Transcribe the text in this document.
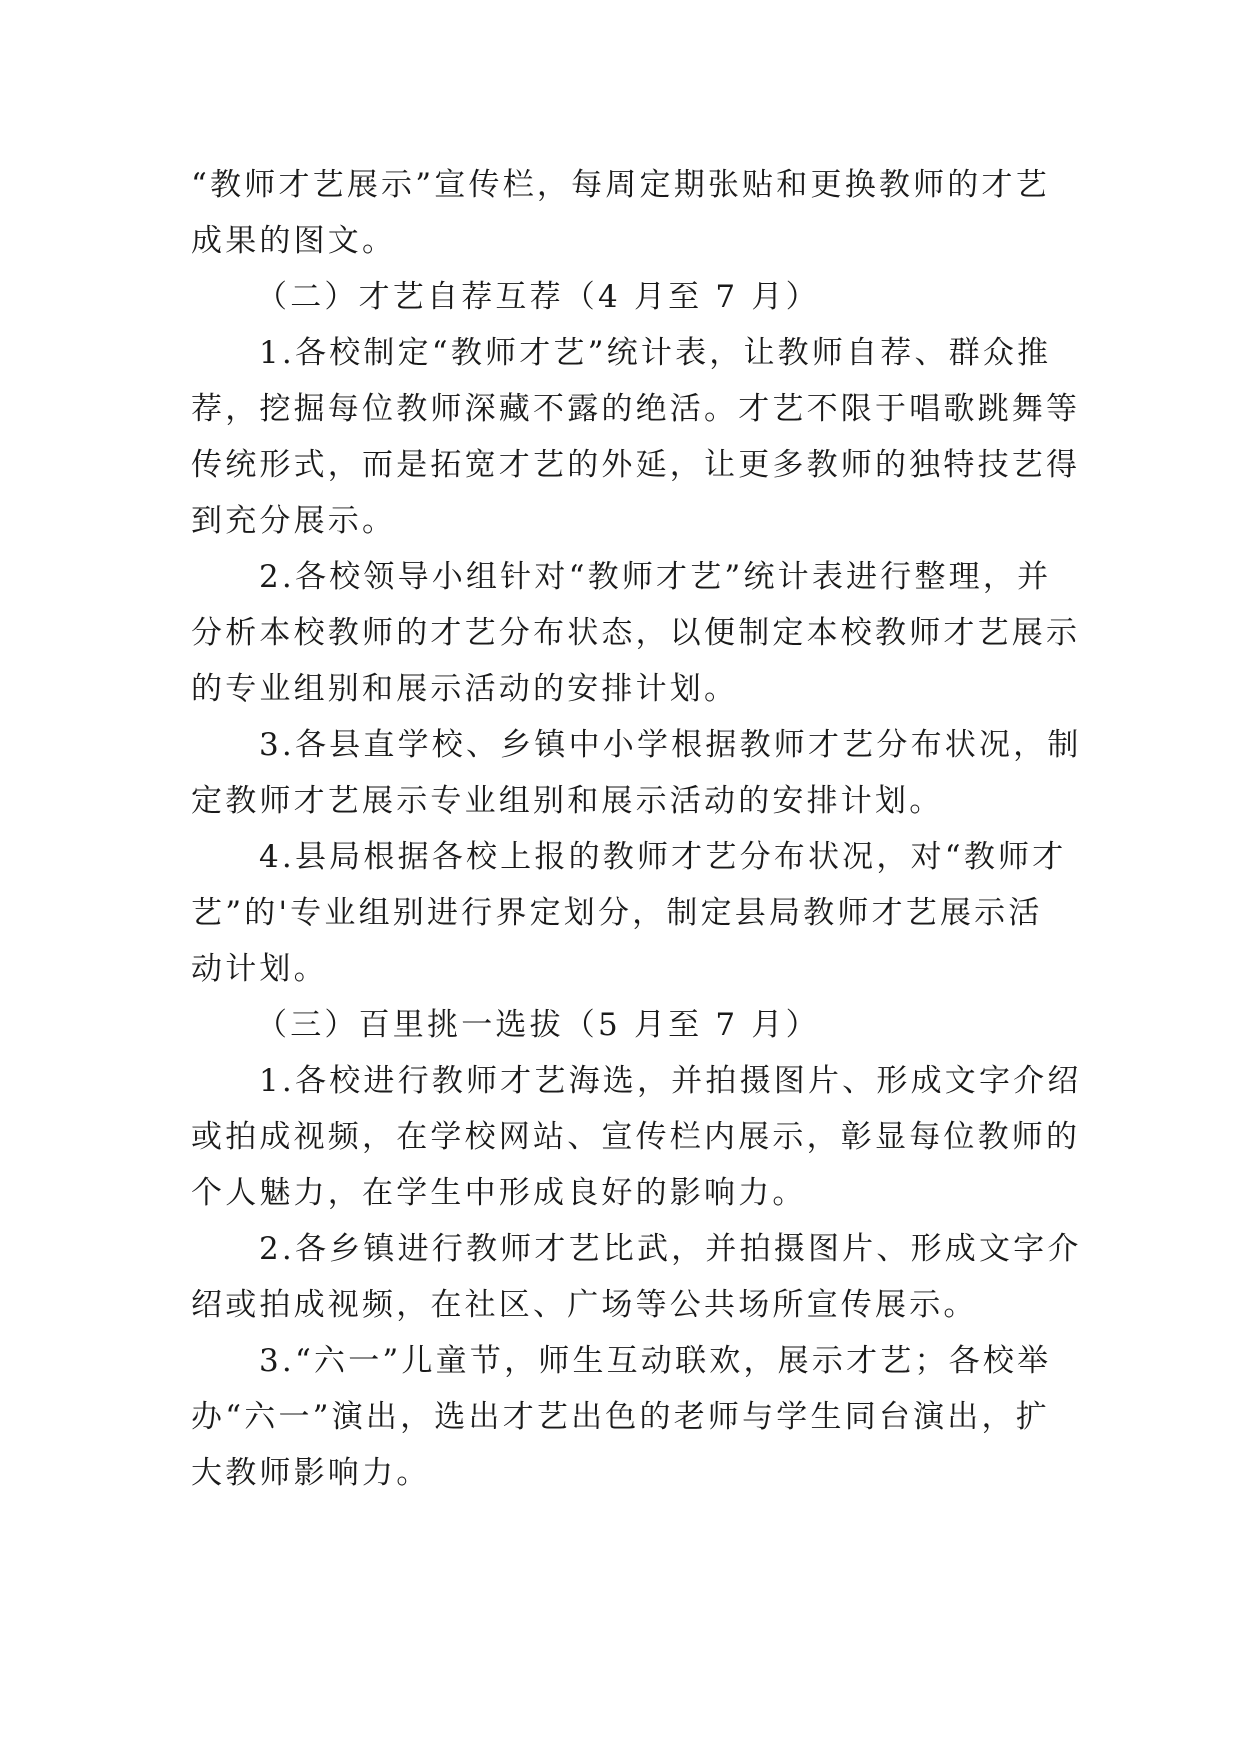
“教师才艺展示”宣传栏，每周定期张贴和更换教师的才艺
成果的图文。
（二）才艺自荐互荐（4 月至 7 月）
1.各校制定“教师才艺”统计表，让教师自荐、群众推
荐，挖掘每位教师深藏不露的绝活。才艺不限于唱歌跳舞等
传统形式，而是拓宽才艺的外延，让更多教师的独特技艺得
到充分展示。
2.各校领导小组针对“教师才艺”统计表进行整理，并
分析本校教师的才艺分布状态，以便制定本校教师才艺展示
的专业组别和展示活动的安排计划。
3.各县直学校、乡镇中小学根据教师才艺分布状况，制
定教师才艺展示专业组别和展示活动的安排计划。
4.县局根据各校上报的教师才艺分布状况，对“教师才
艺”的'专业组别进行界定划分，制定县局教师才艺展示活
动计划。
（三）百里挑一选拔（5 月至 7 月）
1.各校进行教师才艺海选，并拍摄图片、形成文字介绍
或拍成视频，在学校网站、宣传栏内展示，彰显每位教师的
个人魅力，在学生中形成良好的影响力。
2.各乡镇进行教师才艺比武，并拍摄图片、形成文字介
绍或拍成视频，在社区、广场等公共场所宣传展示。
3.“六一”儿童节，师生互动联欢，展示才艺；各校举
办“六一”演出，选出才艺出色的老师与学生同台演出，扩
大教师影响力。
